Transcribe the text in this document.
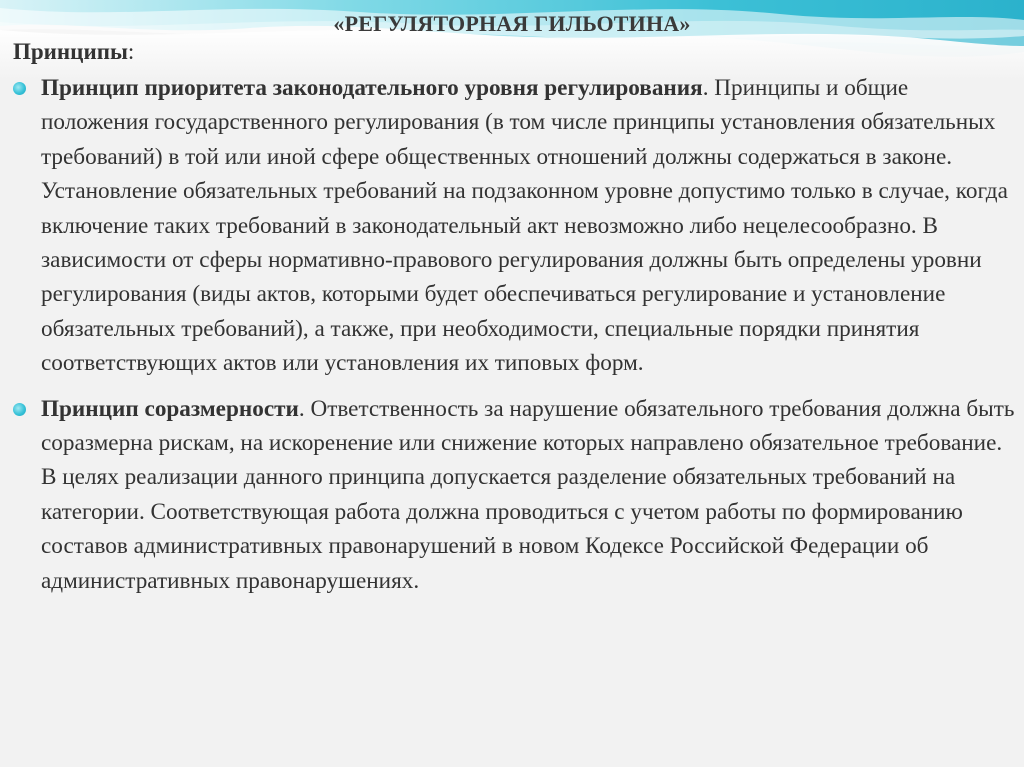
«РЕГУЛЯТОРНАЯ ГИЛЬОТИНА»
Принципы:
Принцип приоритета законодательного уровня регулирования. Принципы и общие положения государственного регулирования (в том числе принципы установления обязательных требований) в той или иной сфере общественных отношений должны содержаться в законе. Установление обязательных требований на подзаконном уровне допустимо только в случае, когда включение таких требований в законодательный акт невозможно либо нецелесообразно. В зависимости от сферы нормативно-правового регулирования должны быть определены уровни регулирования (виды актов, которыми будет обеспечиваться регулирование и установление обязательных требований), а также, при необходимости, специальные порядки принятия соответствующих актов или установления их типовых форм.
Принцип соразмерности. Ответственность за нарушение обязательного требования должна быть соразмерна рискам, на искоренение или снижение которых направлено обязательное требование. В целях реализации данного принципа допускается разделение обязательных требований на категории. Соответствующая работа должна проводиться с учетом работы по формированию составов административных правонарушений в новом Кодексе Российской Федерации об административных правонарушениях.
